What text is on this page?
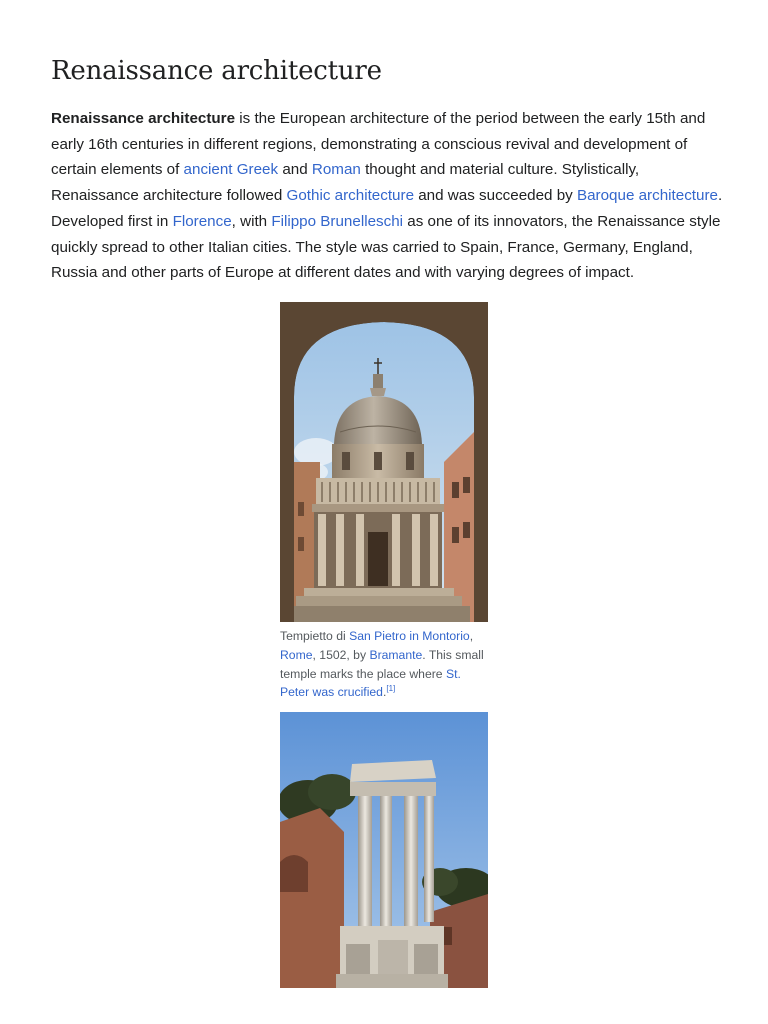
Renaissance architecture

Renaissance architecture is the European architecture of the period between the early 15th and
early 16th centuries in different regions, demonstrating a conscious revival and development of
certain elements of ancient Greek and Roman thought and material culture. Stylistically,
Renaissance architecture followed Gothic architecture and was succeeded by Baroque architecture.
Developed first in Florence, with Filippo Brunelleschi as one of its innovators, the Renaissance style
quickly spread to other Italian cities. The style was carried to Spain, France, Germany, England,
Russia and other parts of Europe at different dates and with varying degrees of impact.

Tempietto di San Pietro in Montorio,
Rome, 1502, by Bramante. This small
temple marks the place where St.
Peter was crucified.[1]
